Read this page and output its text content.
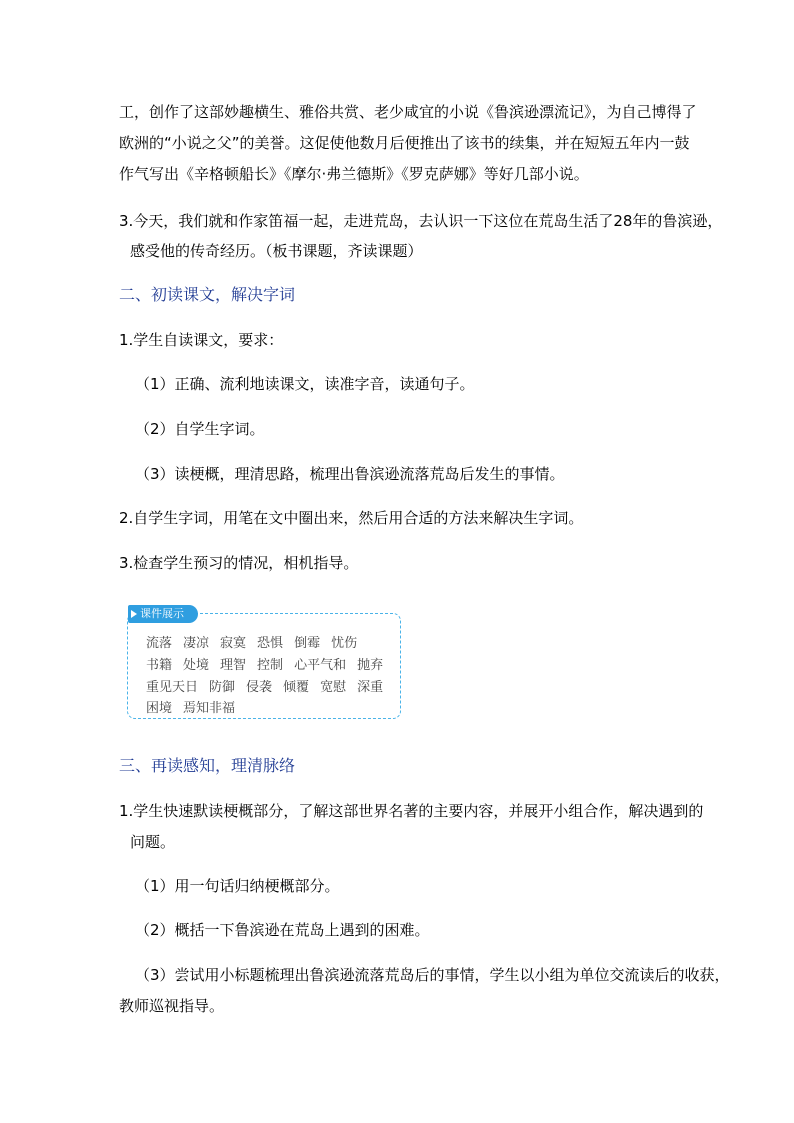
工，创作了这部妙趣横生、雅俗共赏、老少咸宜的小说《鲁滨逊漂流记》，为自己博得了
欧洲的“小说之父”的美誉。这促使他数月后便推出了该书的续集，并在短短五年内一鼓
作气写出《辛格顿船长》《摩尔·弗兰德斯》《罗克萨娜》等好几部小说。
3.今天，我们就和作家笛福一起，走进荒岛，去认识一下这位在荒岛生活了28年的鲁滨逊，
感受他的传奇经历。（板书课题，齐读课题）
二、初读课文，解决字词
1.学生自读课文，要求：
（1）正确、流利地读课文，读准字音，读通句子。
（2）自学生字词。
（3）读梗概，理清思路，梳理出鲁滨逊流落荒岛后发生的事情。
2.自学生字词，用笔在文中圈出来，然后用合适的方法来解决生字词。
3.检查学生预习的情况，相机指导。
课件展示
流落 凄凉 寂寞 恐惧 倒霉 忧伤
书籍 处境 理智 控制 心平气和 抛弃
重见天日 防御 侵袭 倾覆 宽慰 深重
困境 焉知非福
三、再读感知，理清脉络
1.学生快速默读梗概部分，了解这部世界名著的主要内容，并展开小组合作，解决遇到的
问题。
（1）用一句话归纳梗概部分。
（2）概括一下鲁滨逊在荒岛上遇到的困难。
（3）尝试用小标题梳理出鲁滨逊流落荒岛后的事情，学生以小组为单位交流读后的收获，
教师巡视指导。
